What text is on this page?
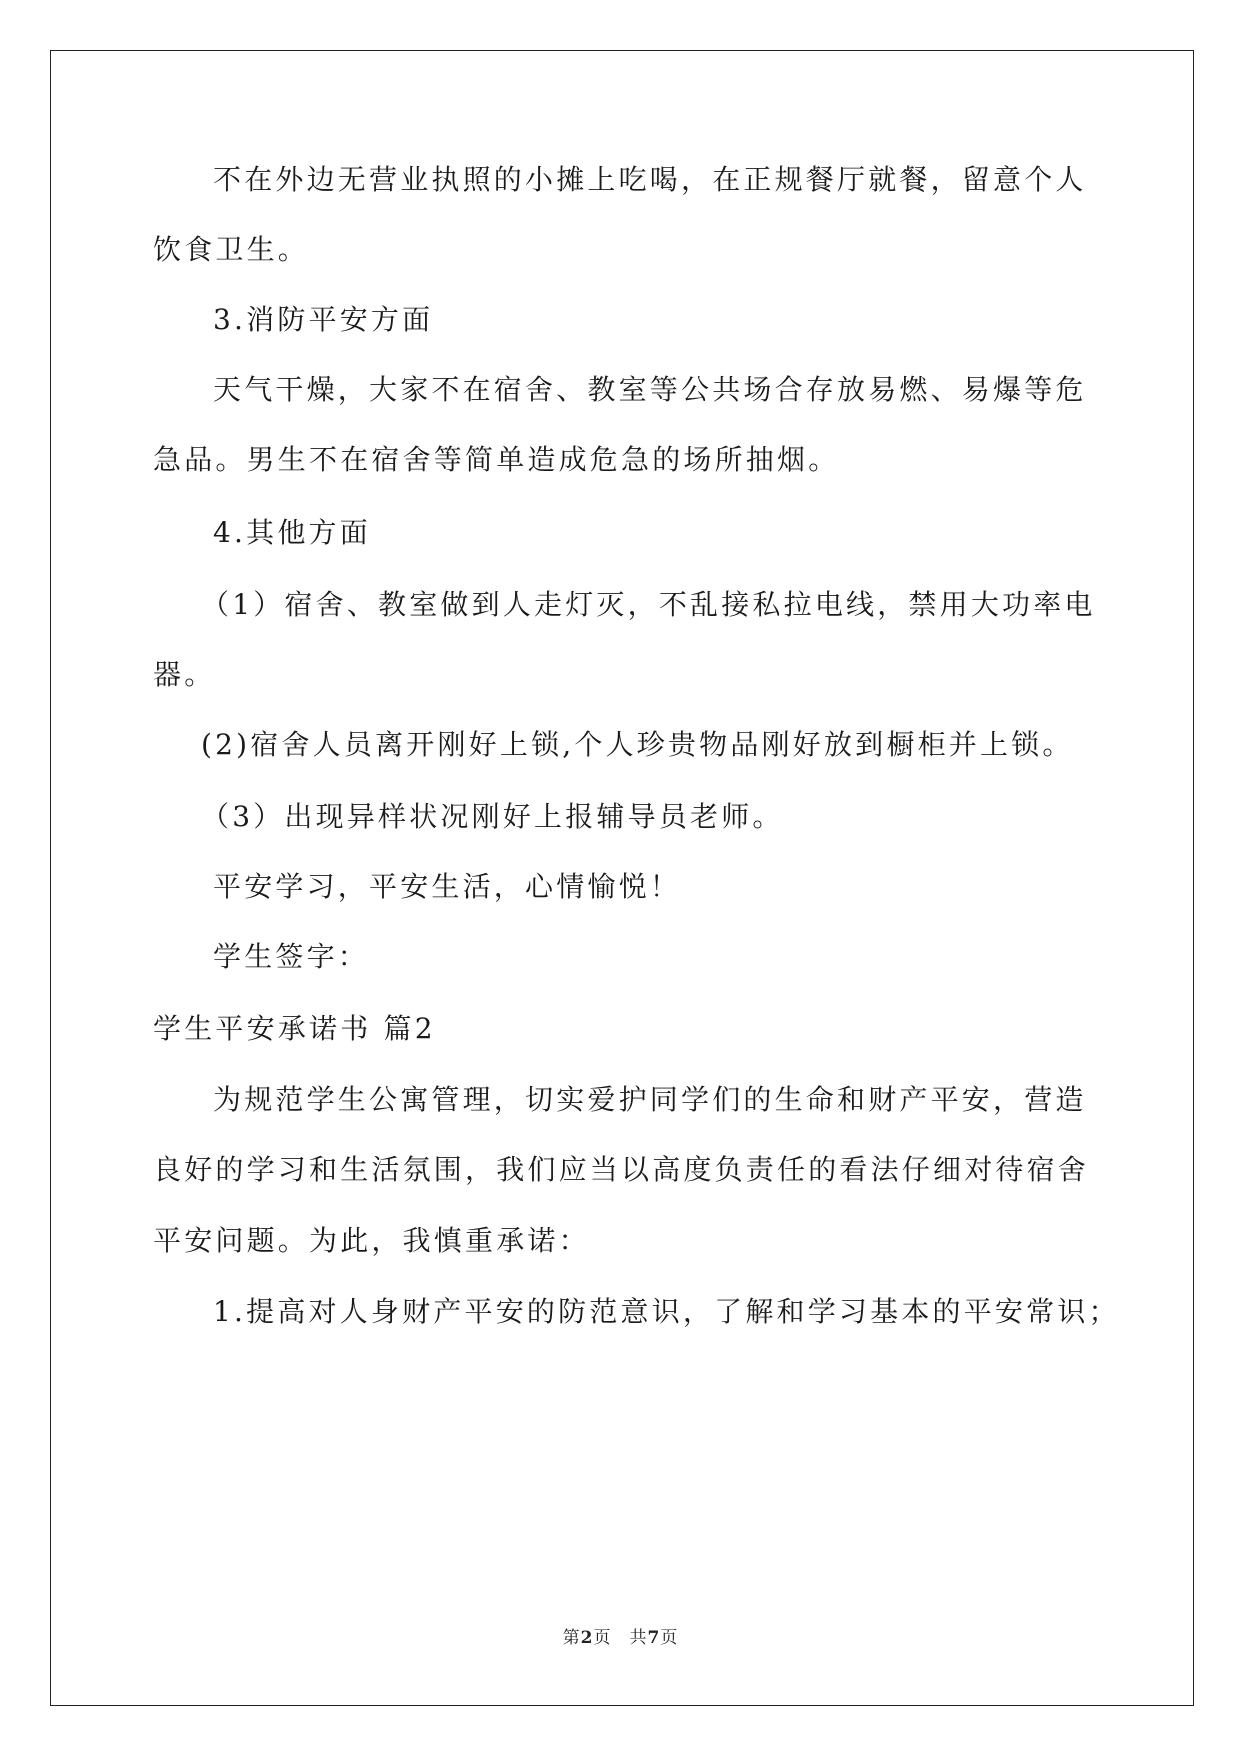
不在外边无营业执照的小摊上吃喝，在正规餐厅就餐，留意个人
饮食卫生。
3.消防平安方面
天气干燥，大家不在宿舍、教室等公共场合存放易燃、易爆等危
急品。男生不在宿舍等简单造成危急的场所抽烟。
4.其他方面
（1）宿舍、教室做到人走灯灭，不乱接私拉电线，禁用大功率电
器。
(2)宿舍人员离开刚好上锁,个人珍贵物品刚好放到橱柜并上锁。
（3）出现异样状况刚好上报辅导员老师。
平安学习，平安生活，心情愉悦！
学生签字：
学生平安承诺书 篇2
为规范学生公寓管理，切实爱护同学们的生命和财产平安，营造
良好的学习和生活氛围，我们应当以高度负责任的看法仔细对待宿舍
平安问题。为此，我慎重承诺：
1.提高对人身财产平安的防范意识，了解和学习基本的平安常识；
第2页　共7页
